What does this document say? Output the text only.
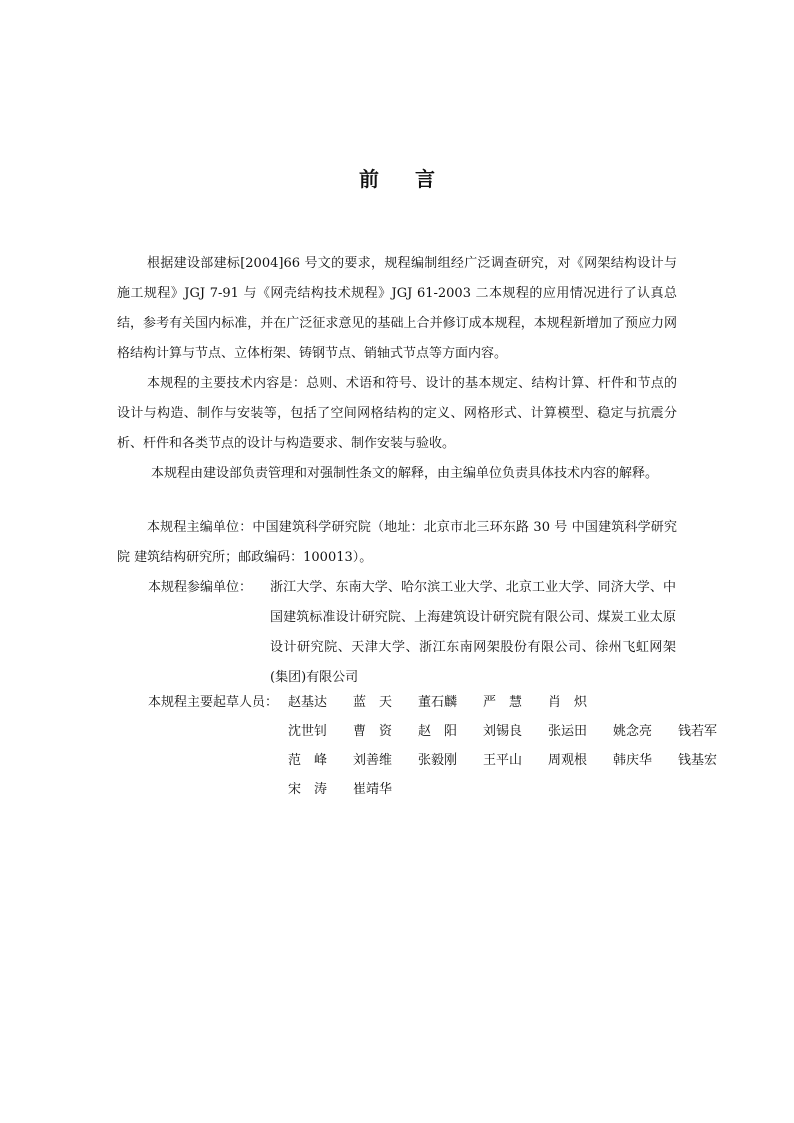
前 言
根据建设部建标[2004]66 号文的要求，规程编制组经广泛调查研究，对《网架结构设计与施工规程》JGJ 7-91 与《网壳结构技术规程》JGJ 61-2003 二本规程的应用情况进行了认真总结，参考有关国内标准，并在广泛征求意见的基础上合并修订成本规程，本规程新增加了预应力网格结构计算与节点、立体桁架、铸钢节点、销轴式节点等方面内容。
本规程的主要技术内容是：总则、术语和符号、设计的基本规定、结构计算、杆件和节点的设计与构造、制作与安装等，包括了空间网格结构的定义、网格形式、计算模型、稳定与抗震分析、杆件和各类节点的设计与构造要求、制作安装与验收。
本规程由建设部负责管理和对强制性条文的解释，由主编单位负责具体技术内容的解释。
本规程主编单位：中国建筑科学研究院（地址：北京市北三环东路 30 号 中国建筑科学研究院 建筑结构研究所；邮政编码：100013）。
本规程参编单位： 浙江大学、东南大学、哈尔滨工业大学、北京工业大学、同济大学、中国建筑标准设计研究院、上海建筑设计研究院有限公司、煤炭工业太原设计研究院、天津大学、浙江东南网架股份有限公司、徐州飞虹网架(集团)有限公司
本规程主要起草人员： 赵基达 蓝　天 董石麟 严　慧 肖　炽
沈世钊 曹　资 赵　阳 刘锡良 张运田 姚念亮 钱若军
范　峰 刘善维 张毅刚 王平山 周观根 韩庆华 钱基宏
宋　涛 崔靖华
